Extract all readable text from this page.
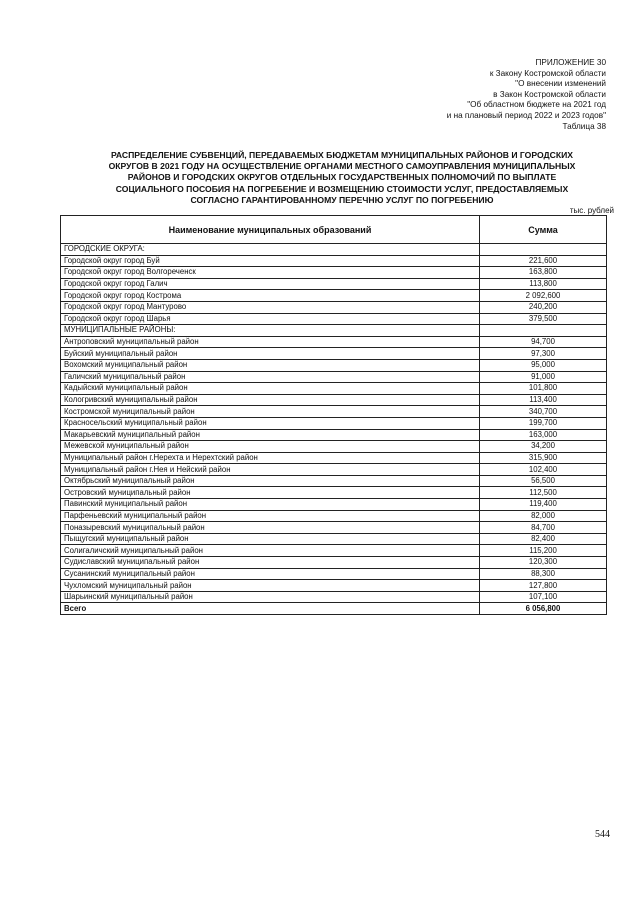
ПРИЛОЖЕНИЕ 30
к Закону Костромской области
"О внесении изменений
в Закон Костромской области
"Об областном бюджете на 2021 год
и на плановый период 2022 и 2023 годов"
Таблица 38
РАСПРЕДЕЛЕНИЕ СУБВЕНЦИЙ, ПЕРЕДАВАЕМЫХ БЮДЖЕТАМ МУНИЦИПАЛЬНЫХ РАЙОНОВ И ГОРОДСКИХ
ОКРУГОВ В 2021 ГОДУ НА ОСУЩЕСТВЛЕНИЕ ОРГАНАМИ МЕСТНОГО САМОУПРАВЛЕНИЯ МУНИЦИПАЛЬНЫХ
РАЙОНОВ И ГОРОДСКИХ ОКРУГОВ ОТДЕЛЬНЫХ ГОСУДАРСТВЕННЫХ ПОЛНОМОЧИЙ ПО ВЫПЛАТЕ
СОЦИАЛЬНОГО ПОСОБИЯ НА ПОГРЕБЕНИЕ И ВОЗМЕЩЕНИЮ СТОИМОСТИ УСЛУГ, ПРЕДОСТАВЛЯЕМЫХ
СОГЛАСНО ГАРАНТИРОВАННОМУ ПЕРЕЧНЮ УСЛУГ ПО ПОГРЕБЕНИЮ
тыс. рублей
Наименование муниципальных образований	Сумма
ГОРОДСКИЕ ОКРУГА:	
Городской округ город Буй	221,600
Городской округ город Волгореченск	163,800
Городской округ город Галич	113,800
Городской округ город Кострома	2 092,600
Городской округ город Мантурово	240,200
Городской округ город Шарья	379,500
МУНИЦИПАЛЬНЫЕ РАЙОНЫ:	
Антроповский муниципальный район	94,700
Буйский муниципальный район	97,300
Вохомский муниципальный район	95,000
Галичский муниципальный район	91,000
Кадыйский муниципальный район	101,800
Кологривский муниципальный район	113,400
Костромской муниципальный район	340,700
Красносельский муниципальный район	199,700
Макарьевский муниципальный район	163,000
Межевской муниципальный район	34,200
Муниципальный район г.Нерехта и Нерехтский район	315,900
Муниципальный район г.Нея и Нейский район	102,400
Октябрьский муниципальный район	56,500
Островский муниципальный район	112,500
Павинский муниципальный район	119,400
Парфеньевский муниципальный район	82,000
Поназыревский муниципальный район	84,700
Пыщугский муниципальный район	82,400
Солигаличский муниципальный район	115,200
Судиславский муниципальный район	120,300
Сусанинский муниципальный район	88,300
Чухломский муниципальный район	127,800
Шарьинский муниципальный район	107,100
Всего	6 056,800
544
